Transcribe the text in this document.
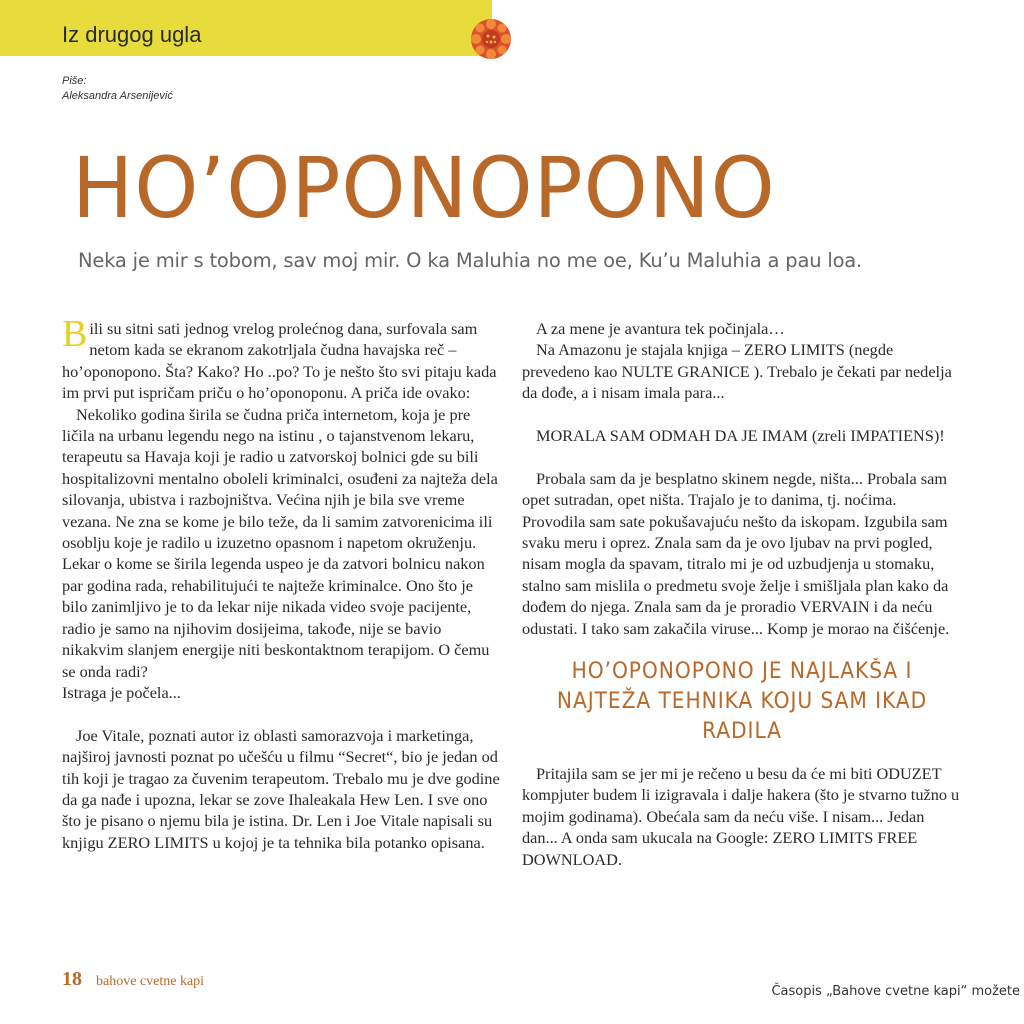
Iz drugog ugla
Piše:
Aleksandra Arsenijević
HO’OPONOPONO
Neka je mir s tobom, sav moj mir. O ka Maluhia no me oe, Ku’u Maluhia a pau loa.

Bili su sitni sati jednog vrelog prolećnog dana, surfovala sam netom kada se ekranom zakotrljala čudna havajska reč – ho’oponopono. Šta? Kako? Ho ..po? To je nešto što svi pitaju kada im prvi put ispričam priču o ho’oponoponu. A priča ide ovako:

Nekoliko godina širila se čudna priča internetom, koja je pre ličila na urbanu legendu nego na istinu , o tajanstvenom lekaru, terapeutu sa Havaja koji je radio u zatvorskoj bolnici gde su bili hospitalizovni mentalno oboleli kriminalci, osuđeni za najteža dela silovanja, ubistva i razbojništva. Većina njih je bila sve vreme vezana. Ne zna se kome je bilo teže, da li samim zatvorenicima ili osoblju koje je radilo u izuzetno opasnom i napetom okruženju. Lekar o kome se širila legenda uspeo je da zatvori bolnicu nakon par godina rada, rehabilitujući te najteže kriminalce. Ono što je bilo zanimljivo je to da lekar nije nikada video svoje pacijente, radio je samo na njihovim dosijeima, takođe, nije se bavio nikakvim slanjem energije niti beskontaktnom terapijom. O čemu se onda radi?

Istraga je počela...

Joe Vitale, poznati autor iz oblasti samorazvoja i marketinga, najširoj javnosti poznat po učešću u filmu “Secret“, bio je jedan od tih koji je tragao za čuvenim terapeutom. Trebalo mu je dve godine da ga nađe i upozna, lekar se zove Ihaleakala Hew Len. I sve ono što je pisano o njemu bila je istina. Dr. Len i Joe Vitale napisali su knjigu ZERO LIMITS u kojoj je ta tehnika bila potanko opisana.

A za mene je avantura tek počinjala…

Na Amazonu je stajala knjiga – ZERO LIMITS (negde prevedeno kao NULTE GRANICE ). Trebalo je čekati par nedelja da dođe, a i nisam imala para...

MORALA SAM ODMAH DA JE IMAM (zreli IMPATIENS)!

Probala sam da je besplatno skinem negde, ništa... Probala sam opet sutradan, opet ništa. Trajalo je to danima, tj. noćima. Provodila sam sate pokušavajuću nešto da iskopam. Izgubila sam svaku meru i oprez. Znala sam da je ovo ljubav na prvi pogled, nisam mogla da spavam, titralo mi je od uzbudjenja u stomaku, stalno sam mislila o predmetu svoje želje i smišljala plan kako da dođem do njega. Znala sam da je proradio VERVAIN i da neću odustati. I tako sam zakačila viruse... Komp je morao na čišćenje.

HO’OPONOPONO JE NAJLAKŠA I NAJTEŽA TEHNIKA KOJU SAM IKAD RADILA

Pritajila sam se jer mi je rečeno u besu da će mi biti ODUZET kompjuter budem li izigravala i dalje hakera (što je stvarno tužno u mojim godinama). Obećala sam da neću više. I nisam... Jedan dan... A onda sam ukucala na Google: ZERO LIMITS FREE DOWNLOAD.

18 bahove cvetne kapi
Časopis „Bahove cvetne kapi“ možete
